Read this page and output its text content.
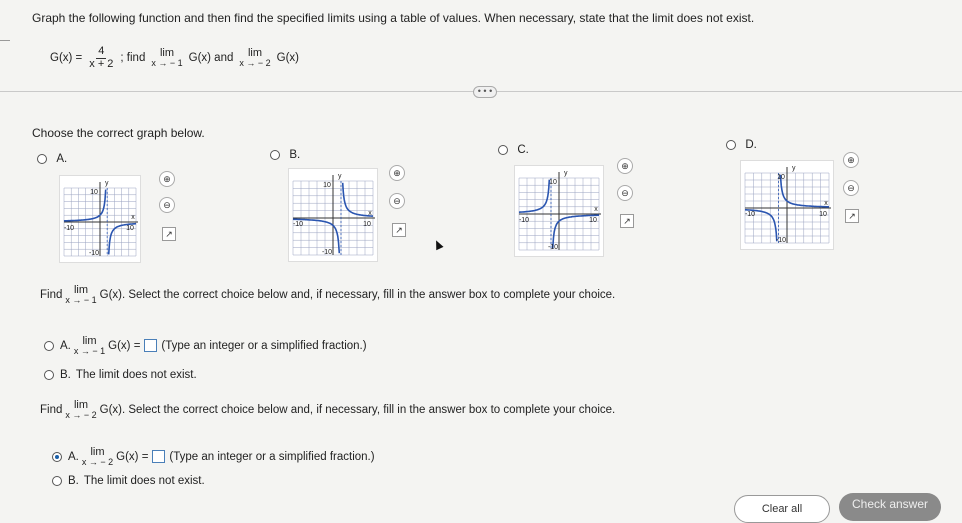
Graph the following function and then find the specified limits using a table of values. When necessary, state that the limit does not exist.
$G(x) = \frac{4}{x + 2}$ ; find lim
x → − 1 G(x) and lim
x → − 2 G(x)
• • •
Choose the correct graph below.
A.
y
x
10
-10	10
-10
⊕
⊖
↗
B.
y
x
10
-10	10
-10
⊕
⊖
↗
C.
y
x
10
-10	10
-10
⊕
⊖
↗
D.
y
x
10
-10	10
-10
⊕
⊖
↗
Find lim
x → − 1 G(x). Select the correct choice below and, if necessary, fill in the answer box to complete your choice.
A. lim
x → − 1 G(x) = (Type an integer or a simplified fraction.)
B. The limit does not exist.
Find lim
x → − 2 G(x). Select the correct choice below and, if necessary, fill in the answer box to complete your choice.
A. lim
x → − 2 G(x) = (Type an integer or a simplified fraction.)
B. The limit does not exist.
Clear all	Check answer
